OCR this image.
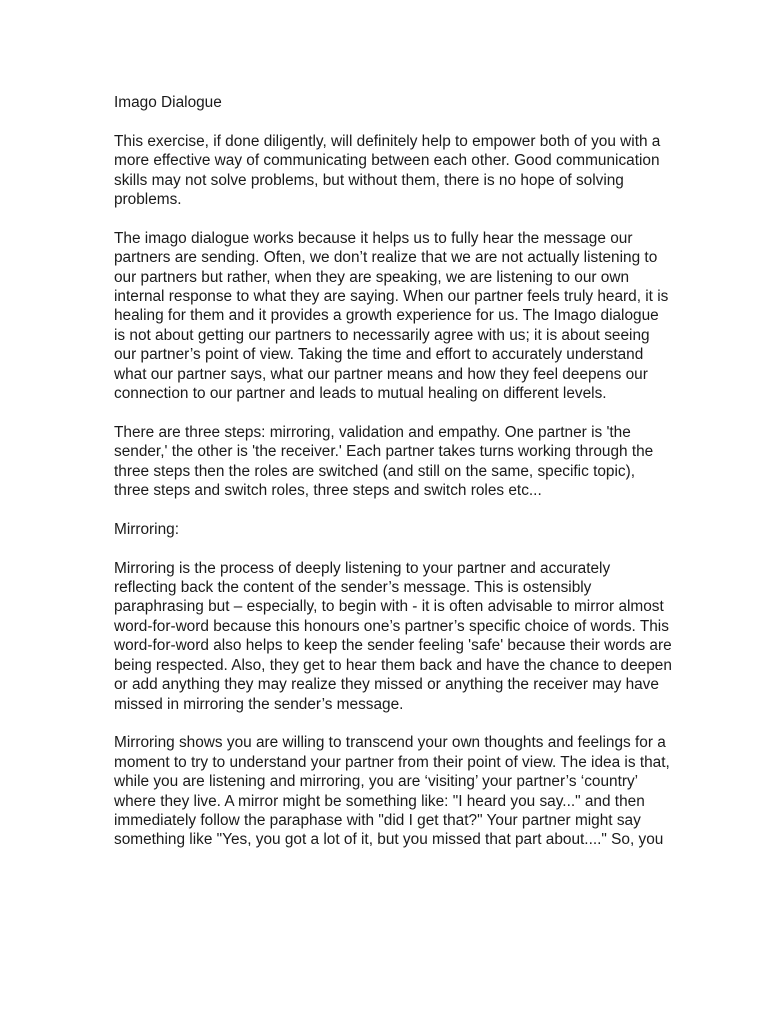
Imago Dialogue

This exercise, if done diligently, will definitely help to empower both of you with a more effective way of communicating between each other. Good communication skills may not solve problems, but without them, there is no hope of solving problems.

The imago dialogue works because it helps us to fully hear the message our partners are sending. Often, we don’t realize that we are not actually listening to our partners but rather, when they are speaking, we are listening to our own internal response to what they are saying. When our partner feels truly heard, it is healing for them and it provides a growth experience for us. The Imago dialogue is not about getting our partners to necessarily agree with us; it is about seeing our partner’s point of view. Taking the time and effort to accurately understand what our partner says, what our partner means and how they feel deepens our connection to our partner and leads to mutual healing on different levels.

There are three steps: mirroring, validation and empathy. One partner is 'the sender,' the other is 'the receiver.' Each partner takes turns working through the three steps then the roles are switched (and still on the same, specific topic), three steps and switch roles, three steps and switch roles etc...

Mirroring:

Mirroring is the process of deeply listening to your partner and accurately reflecting back the content of the sender’s message. This is ostensibly paraphrasing but – especially, to begin with - it is often advisable to mirror almost word-for-word because this honours one’s partner’s specific choice of words. This word-for-word also helps to keep the sender feeling 'safe' because their words are being respected. Also, they get to hear them back and have the chance to deepen or add anything they may realize they missed or anything the receiver may have missed in mirroring the sender’s message.

Mirroring shows you are willing to transcend your own thoughts and feelings for a moment to try to understand your partner from their point of view. The idea is that, while you are listening and mirroring, you are ‘visiting’ your partner’s ‘country’ where they live. A mirror might be something like: "I heard you say..." and then immediately follow the paraphase with "did I get that?" Your partner might say something like "Yes, you got a lot of it, but you missed that part about...." So, you
